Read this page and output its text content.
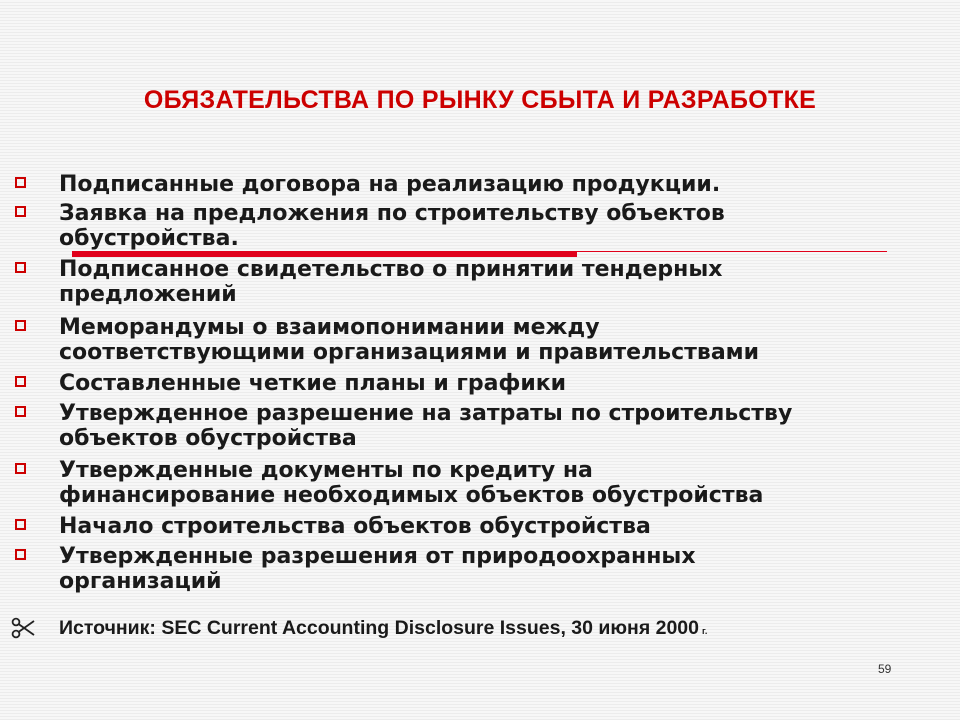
ОБЯЗАТЕЛЬСТВА ПО РЫНКУ СБЫТА И РАЗРАБОТКЕ
Подписанные договора на реализацию продукции.
Заявка на предложения по строительству объектов
обустройства.
Подписанное свидетельство о принятии тендерных
предложений
Меморандумы о взаимопонимании между
соответствующими организациями и правительствами
Составленные четкие планы и графики
Утвержденное разрешение на затраты по строительству
объектов обустройства
Утвержденные документы по кредиту на
финансирование необходимых объектов обустройства
Начало строительства объектов обустройства
Утвержденные разрешения от природоохранных
организаций
Источник: SEC Current Accounting Disclosure Issues, 30 июня 2000 г.
59
